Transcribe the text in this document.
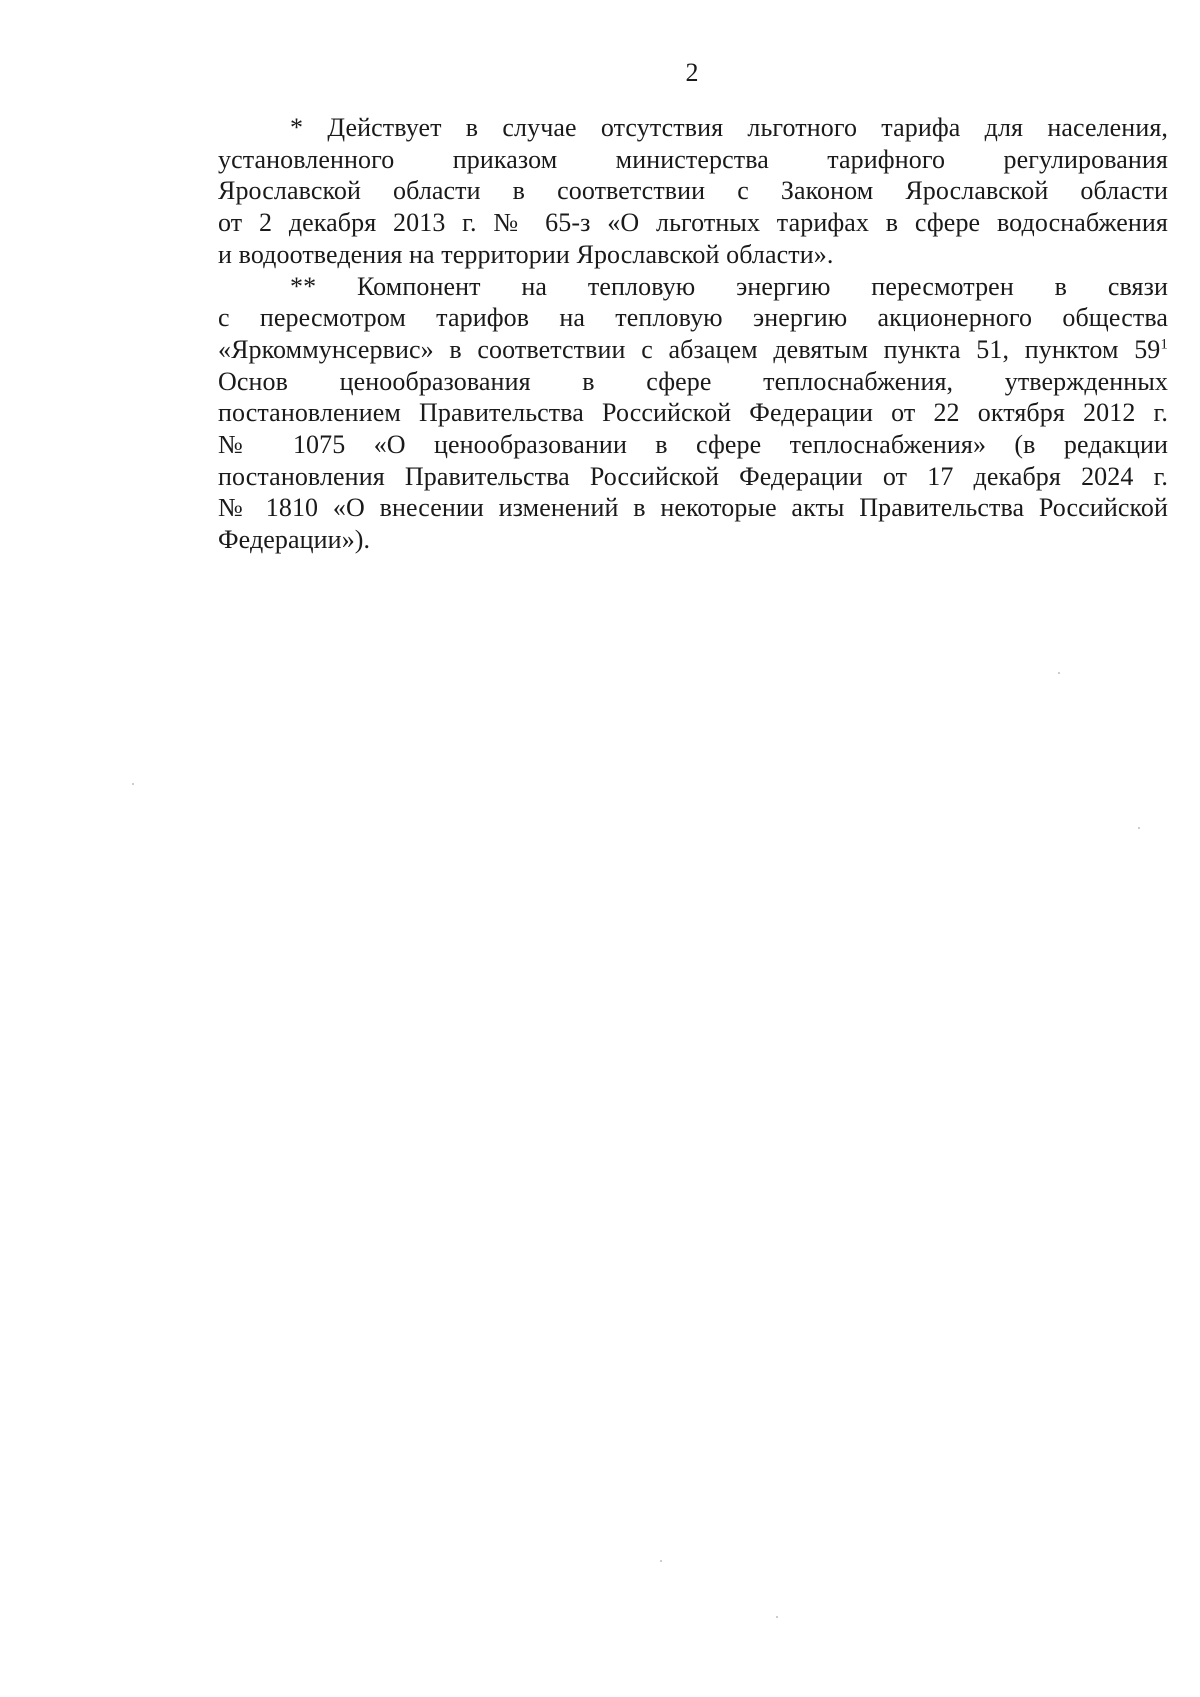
2

* Действует в случае отсутствия льготного тарифа для населения,
установленного приказом министерства тарифного регулирования
Ярославской области в соответствии с Законом Ярославской области
от 2 декабря 2013 г. № 65-з «О льготных тарифах в сфере водоснабжения
и водоотведения на территории Ярославской области».

** Компонент на тепловую энергию пересмотрен в связи
с пересмотром тарифов на тепловую энергию акционерного общества
«Яркоммунсервис» в соответствии с абзацем девятым пункта 51, пунктом 59$^1$
Основ ценообразования в сфере теплоснабжения, утвержденных
постановлением Правительства Российской Федерации от 22 октября 2012 г.
№ 1075 «О ценообразовании в сфере теплоснабжения» (в редакции
постановления Правительства Российской Федерации от 17 декабря 2024 г.
№ 1810 «О внесении изменений в некоторые акты Правительства Российской
Федерации»).
